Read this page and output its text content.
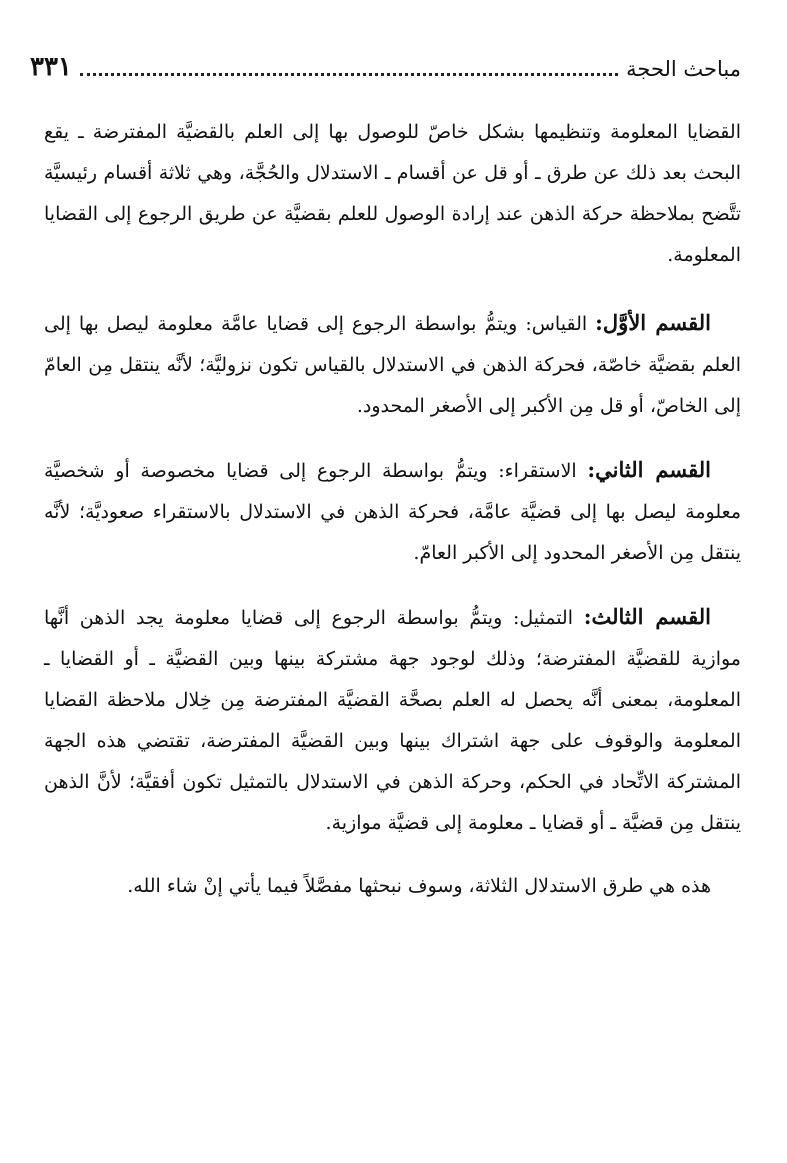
مباحث الحجة
٣٣١

القضايا المعلومة وتنظيمها بشكل خاصّ للوصول بها إلى العلم بالقضيَّة المفترضة ـ يقع البحث بعد ذلك عن طرق ـ أو قل عن أقسام ـ الاستدلال والحُجَّة، وهي ثلاثة أقسام رئيسيَّة تتَّضح بملاحظة حركة الذهن عند إرادة الوصول للعلم بقضيَّة عن طريق الرجوع إلى القضايا المعلومة.

القسم الأوَّل: القياس: ويتمُّ بواسطة الرجوع إلى قضايا عامَّة معلومة ليصل بها إلى العلم بقضيَّة خاصّة، فحركة الذهن في الاستدلال بالقياس تكون نزوليَّة؛ لأنَّه ينتقل مِن العامّ إلى الخاصّ، أو قل مِن الأكبر إلى الأصغر المحدود.

القسم الثاني: الاستقراء: ويتمُّ بواسطة الرجوع إلى قضايا مخصوصة أو شخصيَّة معلومة ليصل بها إلى قضيَّة عامَّة، فحركة الذهن في الاستدلال بالاستقراء صعوديَّة؛ لأنَّه ينتقل مِن الأصغر المحدود إلى الأكبر العامّ.

القسم الثالث: التمثيل: ويتمُّ بواسطة الرجوع إلى قضايا معلومة يجد الذهن أنَّها موازية للقضيَّة المفترضة؛ وذلك لوجود جهة مشتركة بينها وبين القضيَّة ـ أو القضايا ـ المعلومة، بمعنى أنَّه يحصل له العلم بصحَّة القضيَّة المفترضة مِن خِلال ملاحظة القضايا المعلومة والوقوف على جهة اشتراك بينها وبين القضيَّة المفترضة، تقتضي هذه الجهة المشتركة الاتِّحاد في الحكم، وحركة الذهن في الاستدلال بالتمثيل تكون أفقيَّة؛ لأنَّ الذهن ينتقل مِن قضيَّة ـ أو قضايا ـ معلومة إلى قضيَّة موازية.

هذه هي طرق الاستدلال الثلاثة، وسوف نبحثها مفصَّلاً فيما يأتي إنْ شاء الله.
